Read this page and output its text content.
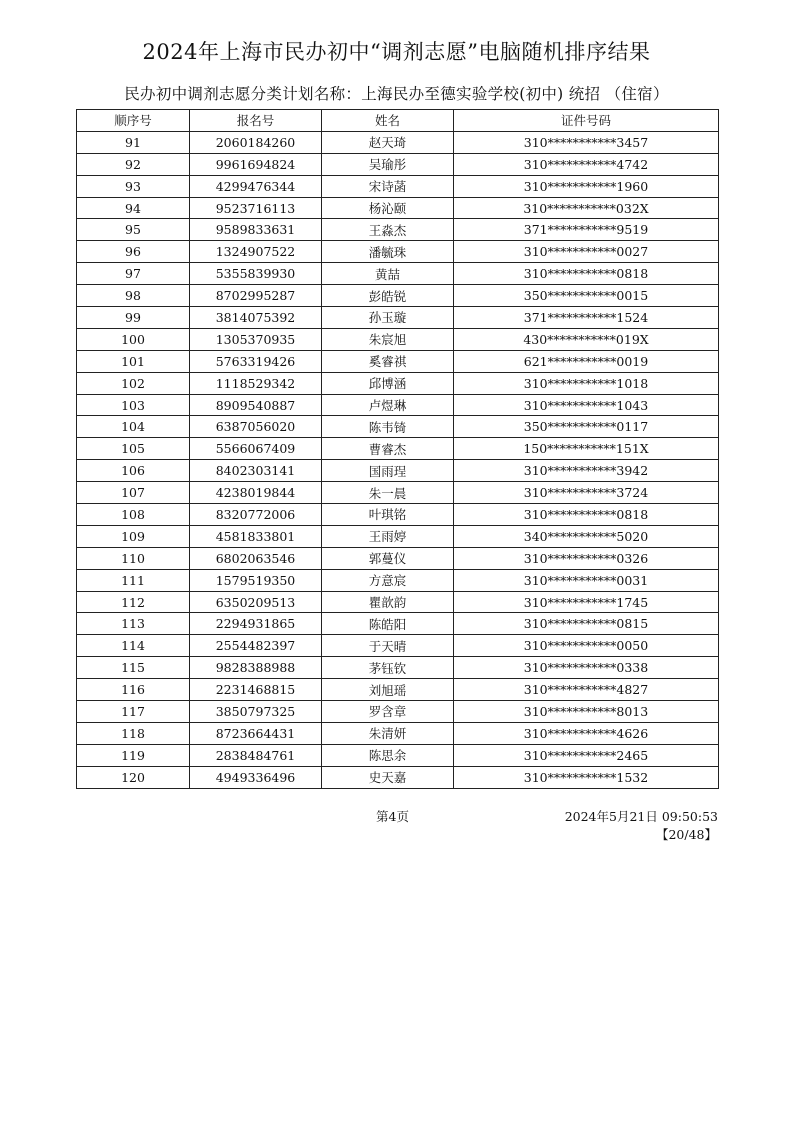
2024年上海市民办初中“调剂志愿”电脑随机排序结果
民办初中调剂志愿分类计划名称：上海民办至德实验学校(初中) 统招 （住宿）
顺序号	报名号	姓名	证件号码
91	2060184260	赵天琦	310***********3457
92	9961694824	吴瑜彤	310***********4742
93	4299476344	宋诗菡	310***********1960
94	9523716113	杨沁颐	310***********032X
95	9589833631	王淼杰	371***********9519
96	1324907522	潘毓珠	310***********0027
97	5355839930	黄喆	310***********0818
98	8702995287	彭皓锐	350***********0015
99	3814075392	孙玉璇	371***********1524
100	1305370935	朱宸旭	430***********019X
101	5763319426	奚睿祺	621***********0019
102	1118529342	邱博涵	310***********1018
103	8909540887	卢煜琳	310***********1043
104	6387056020	陈韦锜	350***********0117
105	5566067409	曹睿杰	150***********151X
106	8402303141	国雨珵	310***********3942
107	4238019844	朱一晨	310***********3724
108	8320772006	叶琪铭	310***********0818
109	4581833801	王雨婷	340***********5020
110	6802063546	郭蔓仪	310***********0326
111	1579519350	方意宸	310***********0031
112	6350209513	瞿歆韵	310***********1745
113	2294931865	陈皓阳	310***********0815
114	2554482397	于天晴	310***********0050
115	9828388988	茅钰钦	310***********0338
116	2231468815	刘旭瑶	310***********4827
117	3850797325	罗含章	310***********8013
118	8723664431	朱清妍	310***********4626
119	2838484761	陈思余	310***********2465
120	4949336496	史天嘉	310***********1532
第4页	2024年5月21日 09:50:53
【20/48】
